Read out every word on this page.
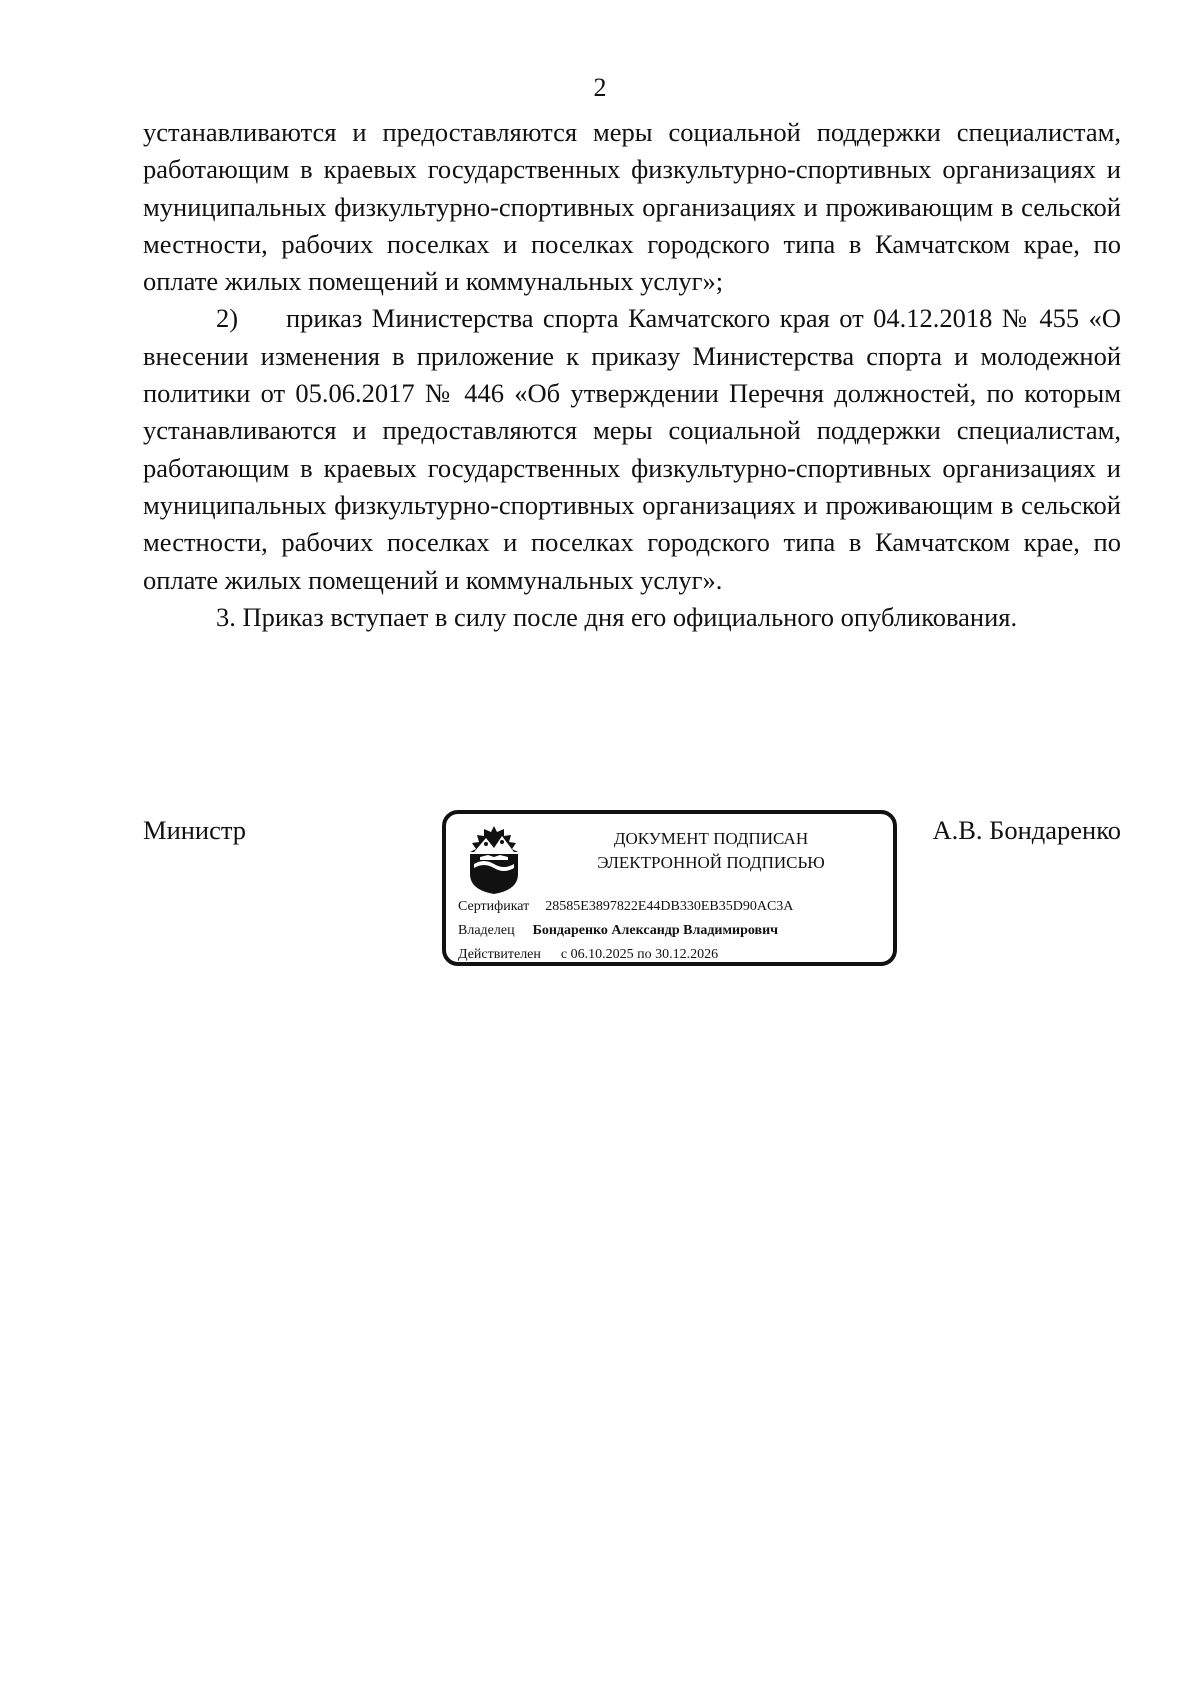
2

устанавливаются и предоставляются меры социальной поддержки специалистам, работающим в краевых государственных физкультурно-спортивных организациях и муниципальных физкультурно-спортивных организациях и проживающим в сельской местности, рабочих поселках и поселках городского типа в Камчатском крае, по оплате жилых помещений и коммунальных услуг»;

2) приказ Министерства спорта Камчатского края от 04.12.2018 № 455 «О внесении изменения в приложение к приказу Министерства спорта и молодежной политики от 05.06.2017 № 446 «Об утверждении Перечня должностей, по которым устанавливаются и предоставляются меры социальной поддержки специалистам, работающим в краевых государственных физкультурно-спортивных организациях и муниципальных физкультурно-спортивных организациях и проживающим в сельской местности, рабочих поселках и поселках городского типа в Камчатском крае, по оплате жилых помещений и коммунальных услуг».

3. Приказ вступает в силу после дня его официального опубликования.

Министр	ДОКУМЕНТ ПОДПИСАН
ЭЛЕКТРОННОЙ ПОДПИСЬЮ
Сертификат 28585E3897822E44DB330EB35D90AC3A
Владелец Бондаренко Александр Владимирович
Действителен с 06.10.2025 по 30.12.2026
А.В. Бондаренко
